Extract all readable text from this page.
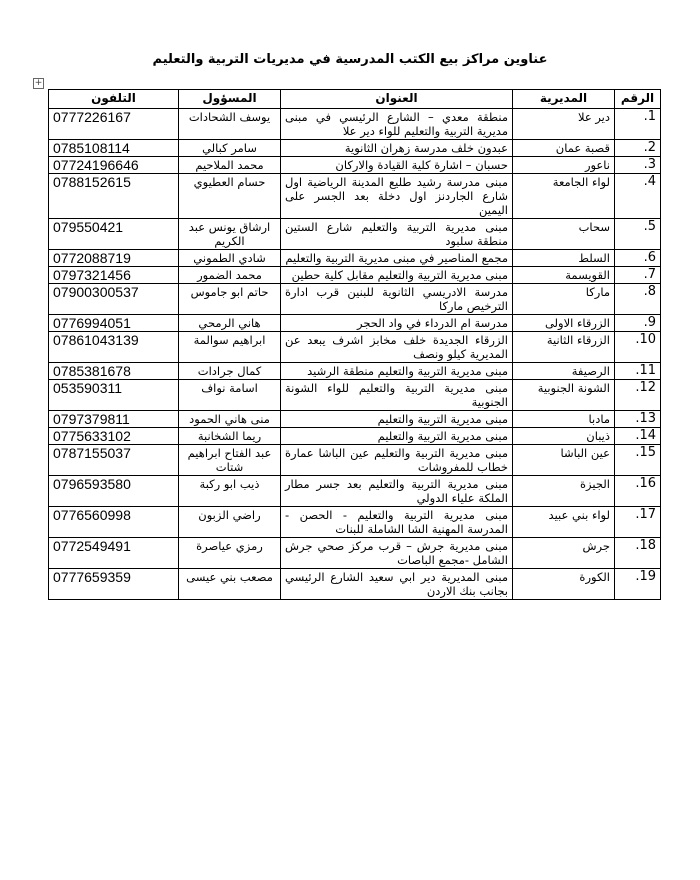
عناوين مراكز بيع الكتب المدرسية في مديريات التربية والتعليم
+
الرقم	المديرية	العنوان	المسؤول	التلفون
1.	دير علا	منطقة معدي – الشارع الرئيسي في مبنى مديرية التربية والتعليم للواء دير علا	يوسف الشحادات	0777226167
2.	قصبة عمان	عبدون خلف مدرسة زهران الثانوية	سامر كبالي	0785108114
3.	ناعور	حسبان – اشارة كلية القيادة والاركان	محمد الملاحيم	07724196646
4.	لواء الجامعة	مبنى مدرسة رشيد طليع المدينة الرياضية اول شارع الجاردنز اول دخلة بعد الجسر على اليمين	حسام العطيوي	0788152615
5.	سحاب	مبنى مديرية التربية والتعليم شارع الستين منطقة سلبود	ارشاق يونس عبد الكريم	079550421
6.	السلط	مجمع المناصير في مبنى مديرية التربية والتعليم	شادي الطموني	0772088719
7.	القويسمة	مبنى مديرية التربية والتعليم مقابل كلية حطين	محمد الضمور	0797321456
8.	ماركا	مدرسة الادريسي الثانوية للبنين قرب ادارة الترخيص ماركا	حاتم ابو جاموس	07900300537
9.	الزرقاء الاولى	مدرسة ام الدرداء في واد الحجر	هاني الرمحي	0776994051
10.	الزرقاء الثانية	الزرقاء الجديدة خلف مخابز اشرف يبعد عن المديرية كيلو ونصف	ابراهيم سوالمة	07861043139
11.	الرصيفة	مبنى مديرية التربية والتعليم منطقة الرشيد	كمال جرادات	0785381678
12.	الشونة الجنوبية	مبنى مديرية التربية والتعليم للواء الشونة الجنوبية	اسامة نواف	053590311
13.	مادبا	مبنى مديرية التربية والتعليم	منى هاني الحمود	0797379811
14.	ذيبان	مبنى مديرية التربية والتعليم	ريما الشخانبة	0775633102
15.	عين الباشا	مبنى مديرية التربية والتعليم عين الباشا عمارة خطاب للمفروشات	عبد الفتاح ابراهيم شتات	0787155037
16.	الجيزة	مبنى مديرية التربية والتعليم بعد جسر مطار الملكة علياء الدولي	ذيب ابو ركبة	0796593580
17.	لواء بني عبيد	مبنى مديرية التربية والتعليم - الحصن - المدرسة المهنية الشا الشاملة للبنات	راضي الزبون	0776560998
18.	جرش	مبنى مديرية جرش – قرب مركز صحي جرش الشامل -مجمع الباصات	رمزي عياصرة	0772549491
19.	الكورة	مبنى المديرية دير ابي سعيد الشارع الرئيسي بجانب بنك الاردن	مصعب بني عيسى	0777659359
